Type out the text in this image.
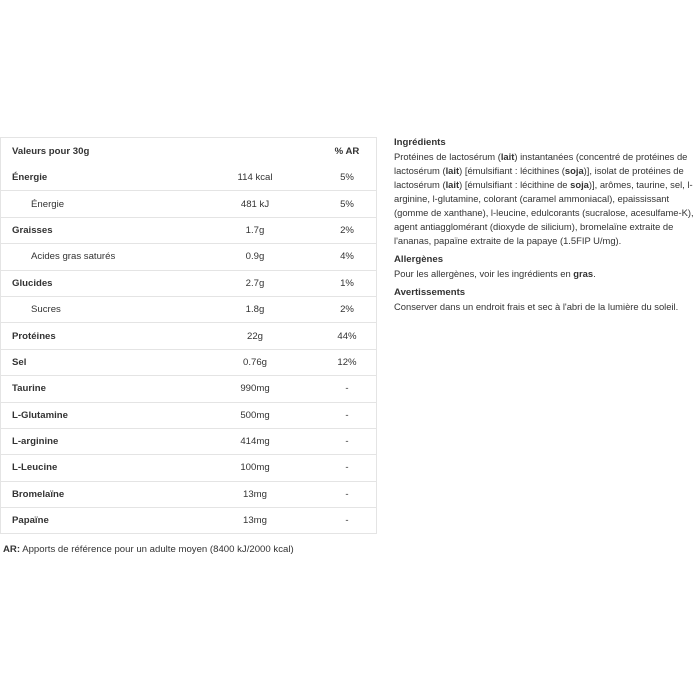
Valeurs pour 30g	% AR
Énergie	114 kcal	5%
Énergie	481 kJ	5%
Graisses	1.7g	2%
Acides gras saturés	0.9g	4%
Glucides	2.7g	1%
Sucres	1.8g	2%
Protéines	22g	44%
Sel	0.76g	12%
Taurine	990mg	-
L-Glutamine	500mg	-
L-arginine	414mg	-
L-Leucine	100mg	-
Bromelaïne	13mg	-
Papaïne	13mg	-
AR: Apports de référence pour un adulte moyen (8400 kJ/2000 kcal)
Ingrédients

Protéines de lactosérum (lait) instantanées (concentré de protéines de lactosérum (lait) [émulsifiant : lécithines (soja)], isolat de protéines de lactosérum (lait) [émulsifiant : lécithine de soja)], arômes, taurine, sel, l-arginine, l-glutamine, colorant (caramel ammoniacal), epaississant (gomme de xanthane), l-leucine, edulcorants (sucralose, acesulfame-K), agent antiagglomérant (dioxyde de silicium), bromelaïne extraite de l'ananas, papaïne extraite de la papaye (1.5FIP U/mg).

Allergènes

Pour les allergènes, voir les ingrédients en gras.

Avertissements

Conserver dans un endroit frais et sec à l'abri de la lumière du soleil.
